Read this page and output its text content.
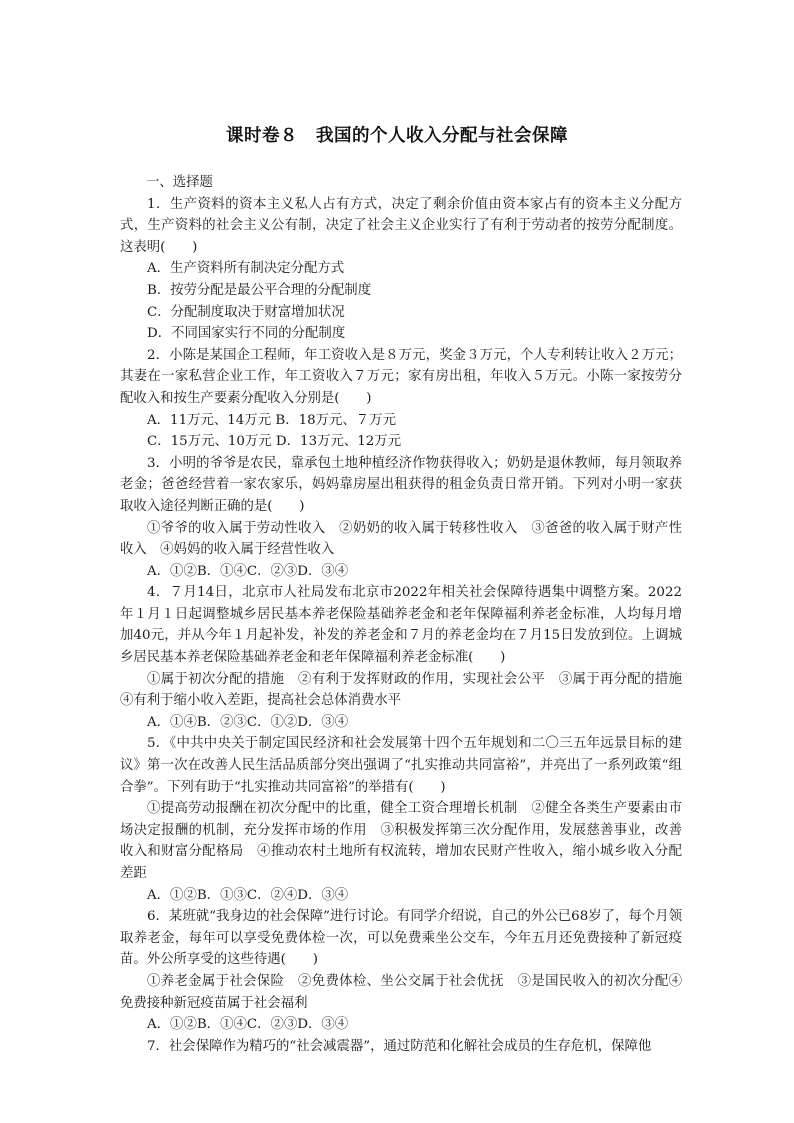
课时卷８　我国的个人收入分配与社会保障
一、选择题
1．生产资料的资本主义私人占有方式，决定了剩余价值由资本家占有的资本主义分配方式，生产资料的社会主义公有制，决定了社会主义企业实行了有利于劳动者的按劳分配制度。这表明(　　)
A．生产资料所有制决定分配方式
B．按劳分配是最公平合理的分配制度
C．分配制度取决于财富增加状况
D．不同国家实行不同的分配制度
2．小陈是某国企工程师，年工资收入是８万元，奖金３万元，个人专利转让收入２万元；其妻在一家私营企业工作，年工资收入７万元；家有房出租，年收入５万元。小陈一家按劳分配收入和按生产要素分配收入分别是(　　)
A．11万元、14万元 B．18万元、７万元
C．15万元、10万元 D．13万元、12万元
3．小明的爷爷是农民，靠承包土地种植经济作物获得收入；奶奶是退休教师，每月领取养老金；爸爸经营着一家农家乐，妈妈靠房屋出租获得的租金负责日常开销。下列对小明一家获取收入途径判断正确的是(　　)
①爷爷的收入属于劳动性收入　②奶奶的收入属于转移性收入　③爸爸的收入属于财产性收入　④妈妈的收入属于经营性收入
A．①②B．①④C．②③D．③④
4．７月14日，北京市人社局发布北京市2022年相关社会保障待遇集中调整方案。2022年１月１日起调整城乡居民基本养老保险基础养老金和老年保障福利养老金标准，人均每月增加40元，并从今年１月起补发，补发的养老金和７月的养老金均在７月15日发放到位。上调城乡居民基本养老保险基础养老金和老年保障福利养老金标准(　　)
①属于初次分配的措施　②有利于发挥财政的作用，实现社会公平　③属于再分配的措施　④有利于缩小收入差距，提高社会总体消费水平
A．①④B．②③C．①②D．③④
5．《中共中央关于制定国民经济和社会发展第十四个五年规划和二〇三五年远景目标的建议》第一次在改善人民生活品质部分突出强调了“扎实推动共同富裕”，并亮出了一系列政策“组合拳”。下列有助于“扎实推动共同富裕”的举措有(　　)
①提高劳动报酬在初次分配中的比重，健全工资合理增长机制　②健全各类生产要素由市场决定报酬的机制，充分发挥市场的作用　③积极发挥第三次分配作用，发展慈善事业，改善收入和财富分配格局　④推动农村土地所有权流转，增加农民财产性收入，缩小城乡收入分配差距
A．①②B．①③C．②④D．③④
6．某班就“我身边的社会保障”进行讨论。有同学介绍说，自己的外公已68岁了，每个月领取养老金，每年可以享受免费体检一次，可以免费乘坐公交车，今年五月还免费接种了新冠疫苗。外公所享受的这些待遇(　　)
①养老金属于社会保险　②免费体检、坐公交属于社会优抚　③是国民收入的初次分配④免费接种新冠疫苗属于社会福利
A．①②B．①④C．②③D．③④
7．社会保障作为精巧的“社会减震器”，通过防范和化解社会成员的生存危机，保障他
